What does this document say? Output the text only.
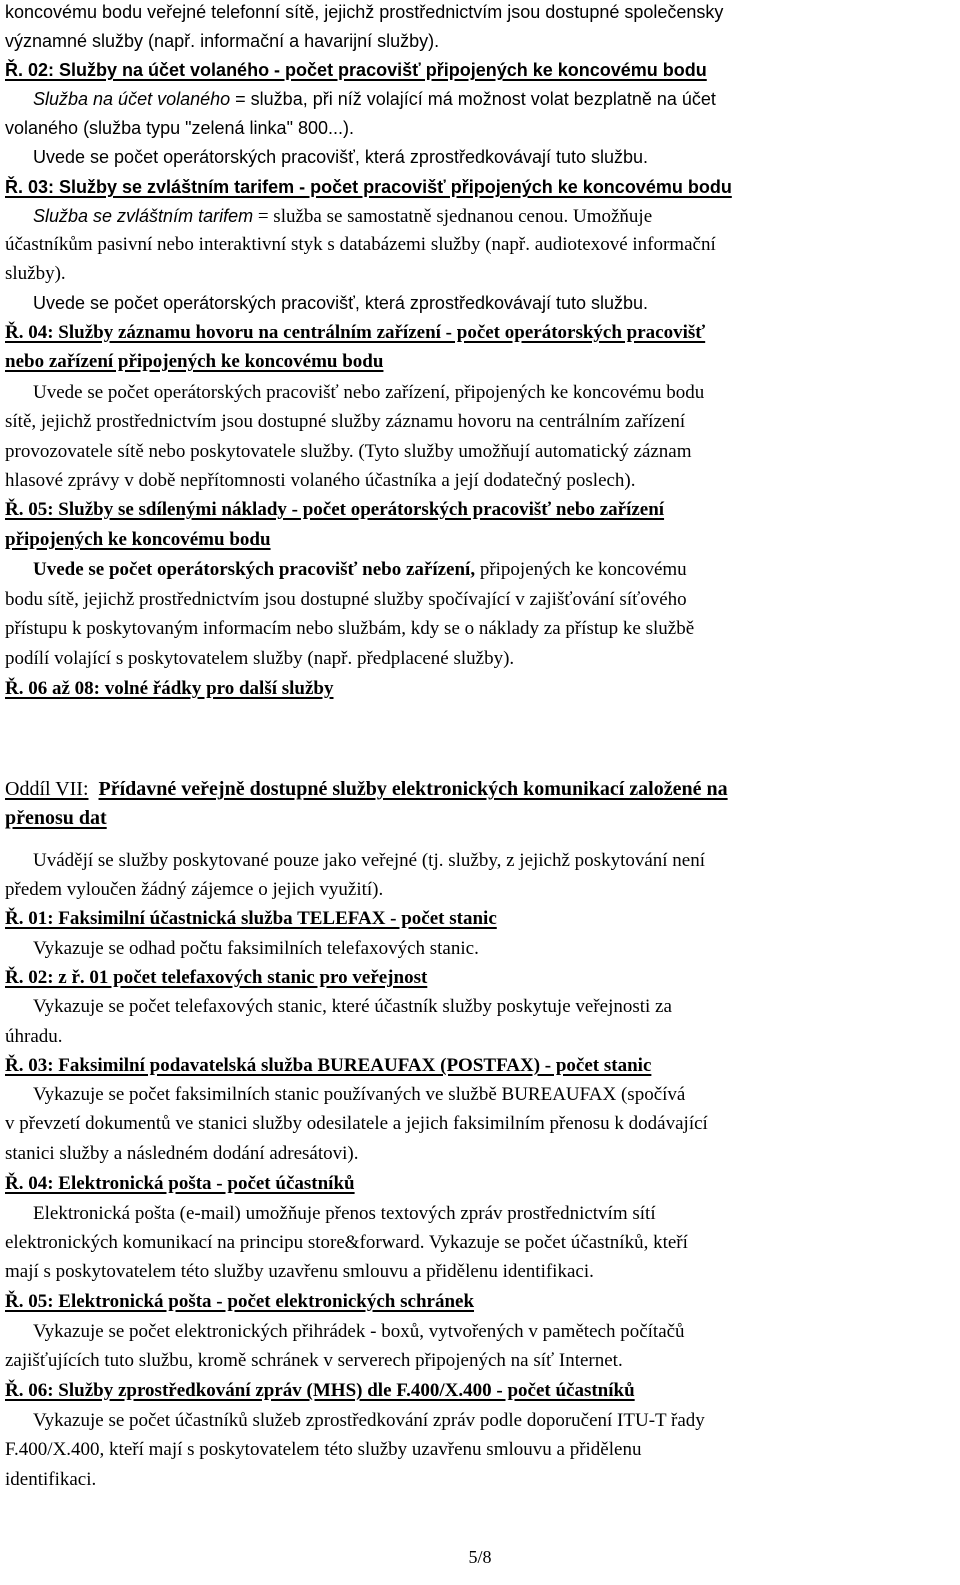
koncovému bodu veřejné telefonní sítě, jejichž prostřednictvím jsou dostupné společensky
významné služby (např. informační a havarijní služby).
Ř. 02: Služby na účet volaného - počet pracovišť připojených ke koncovému bodu
Služba na účet volaného = služba, při níž volající má možnost volat bezplatně na účet
volaného (služba typu "zelená linka" 800...).
Uvede se počet operátorských pracovišť, která zprostředkovávají tuto službu.
Ř. 03: Služby se zvláštním tarifem - počet pracovišť připojených ke koncovému bodu
Služba se zvláštním tarifem = služba se samostatně sjednanou cenou. Umožňuje
účastníkům pasivní nebo interaktivní styk s databázemi služby (např. audiotexové informační
služby).
Uvede se počet operátorských pracovišť, která zprostředkovávají tuto službu.
Ř. 04: Služby záznamu hovoru na centrálním zařízení - počet operátorských pracovišť
nebo zařízení připojených ke koncovému bodu
Uvede se počet operátorských pracovišť nebo zařízení, připojených ke koncovému bodu
sítě, jejichž prostřednictvím jsou dostupné služby záznamu hovoru na centrálním zařízení
provozovatele sítě nebo poskytovatele služby. (Tyto služby umožňují automatický záznam
hlasové zprávy v době nepřítomnosti volaného účastníka a její dodatečný poslech).
Ř. 05: Služby se sdílenými náklady - počet operátorských pracovišť nebo zařízení
připojených ke koncovému bodu
Uvede se počet operátorských pracovišť nebo zařízení, připojených ke koncovému
bodu sítě, jejichž prostřednictvím jsou dostupné služby spočívající v zajišťování síťového
přístupu k poskytovaným informacím nebo službám, kdy se o náklady za přístup ke službě
podílí volající s poskytovatelem služby (např. předplacené služby).
Ř. 06 až 08: volné řádky pro další služby
Oddíl VII: Přídavné veřejně dostupné služby elektronických komunikací založené na
přenosu dat
Uvádějí se služby poskytované pouze jako veřejné (tj. služby, z jejichž poskytování není
předem vyloučen žádný zájemce o jejich využití).
Ř. 01: Faksimilní účastnická služba TELEFAX - počet stanic
Vykazuje se odhad počtu faksimilních telefaxových stanic.
Ř. 02: z ř. 01 počet telefaxových stanic pro veřejnost
Vykazuje se počet telefaxových stanic, které účastník služby poskytuje veřejnosti za
úhradu.
Ř. 03: Faksimilní podavatelská služba BUREAUFAX (POSTFAX) - počet stanic
Vykazuje se počet faksimilních stanic používaných ve službě BUREAUFAX (spočívá
v převzetí dokumentů ve stanici služby odesilatele a jejich faksimilním přenosu k dodávající
stanici služby a následném dodání adresátovi).
Ř. 04: Elektronická pošta - počet účastníků
Elektronická pošta (e-mail) umožňuje přenos textových zpráv prostřednictvím sítí
elektronických komunikací na principu store&forward. Vykazuje se počet účastníků, kteří
mají s poskytovatelem této služby uzavřenu smlouvu a přidělenu identifikaci.
Ř. 05: Elektronická pošta - počet elektronických schránek
Vykazuje se počet elektronických přihrádek - boxů, vytvořených v pamětech počítačů
zajišťujících tuto službu, kromě schránek v serverech připojených na síť Internet.
Ř. 06: Služby zprostředkování zpráv (MHS) dle F.400/X.400 - počet účastníků
Vykazuje se počet účastníků služeb zprostředkování zpráv podle doporučení ITU-T řady
F.400/X.400, kteří mají s poskytovatelem této služby uzavřenu smlouvu a přidělenu
identifikaci.
5/8
